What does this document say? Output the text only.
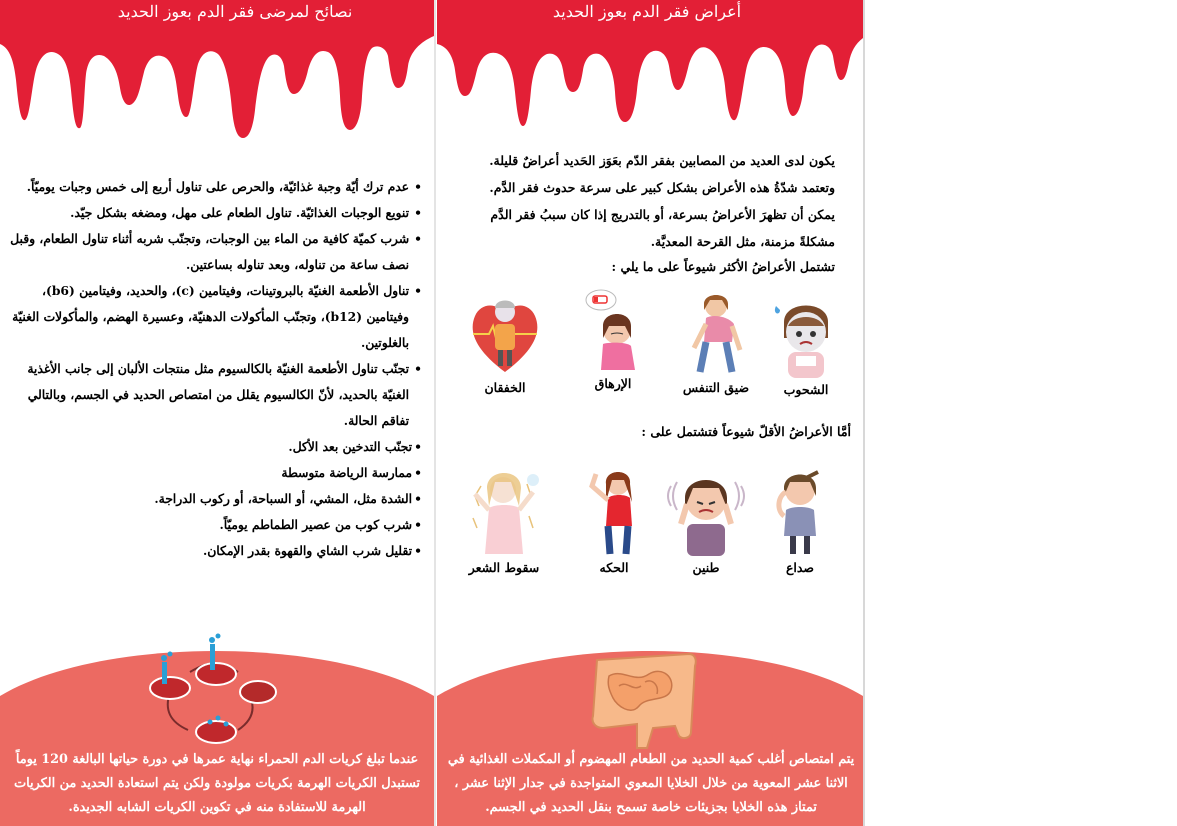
نصائح لمرضى فقر الدم بعوز الحديد
• عدم ترك أيّة وجبة غذائيّة، والحرص على تناول أربع إلى خمس وجبات يوميّاً.
• تنويع الوجبات الغذائيّة. تناول الطعام على مهل، ومضغه بشكل جيّد.
• شرب كميّة كافية من الماء بين الوجبات، وتجنّب شربه أثناء تناول الطعام، وقبل نصف ساعة من تناوله، وبعد تناوله بساعتين.
• تناول الأطعمة الغنيّة بالبروتينات، وفيتامين (c)، والحديد، وفيتامين (b6)، وفيتامين (b12)، وتجنّب المأكولات الدهنيّة، وعسيرة الهضم، والمأكولات الغنيّة بالغلوتين.
• تجنّب تناول الأطعمة الغنيّة بالكالسيوم مثل منتجات الألبان إلى جانب الأغذية الغنيّة بالحديد، لأنّ الكالسيوم يقلل من امتصاص الحديد في الجسم، وبالتالي تفاقم الحالة.
• تجنّب التدخين بعد الأكل.
• ممارسة الرياضة متوسطة
• الشدة مثل، المشي، أو السباحة، أو ركوب الدراجة.
• شرب كوب من عصير الطماطم يوميّاً.
• تقليل شرب الشاي والقهوة بقدر الإمكان.
عندما تبلغ كريات الدم الحمراء نهاية عمرها في دورة حياتها البالغة 120 يوماً تستبدل الكريات الهرمة بكريات مولودة ولكن يتم استعادة الحديد من الكريات الهرمة للاستفادة منه في تكوين الكريات الشابه الجديدة.
أعراض فقر الدم بعوز الحديد

يكون لدى العديد من المصابين بفقر الدّم بعَوَز الحَديد أعراضٌ قليلة.

وتعتمد شدّةُ هذه الأعراض بشكل كبير على سرعة حدوث فقر الدَّم.

يمكن أن تظهرَ الأعراضُ بسرعة، أو بالتدريج إذا كان سببُ فقر الدَّم مشكلةً مزمنة، مثل القرحة المعديَّة.

تشتمل الأعراضُ الأكثر شيوعاً على ما يلي :
الشحوب
ضيق التنفس
الإرهاق
الخفقان
أمَّا الأعراضُ الأقلّ شيوعاً فتشتمل على :
صداع
طنين
الحكه
سقوط الشعر
يتم امتصاص أغلب كمية الحديد من الطعام المهضوم أو المكملات الغذائية في الاثنا عشر المعوية من خلال الخلايا المعوي المتواجدة في جدار الإثنا عشر ، تمتاز هذه الخلايا بجزيئات خاصة تسمح بنقل الحديد في الجسم.
